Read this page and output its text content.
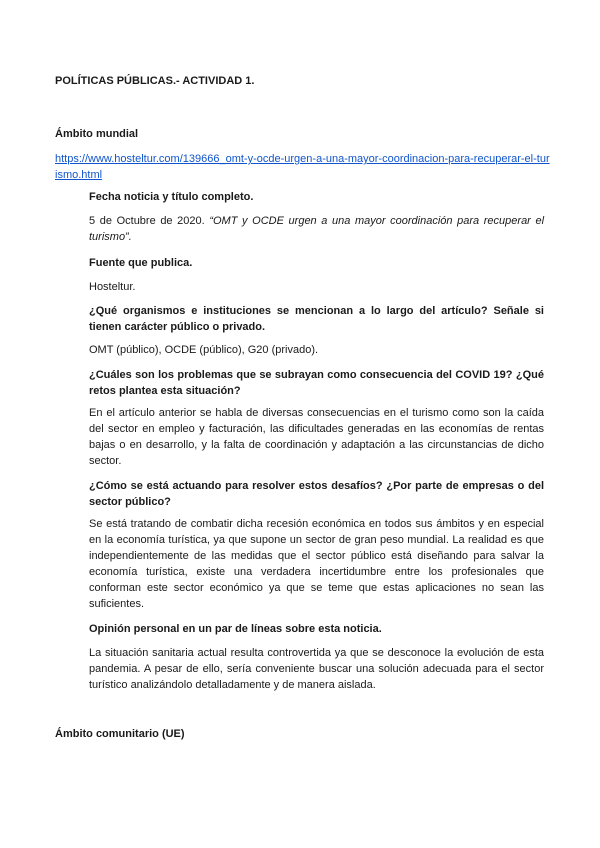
POLÍTICAS PÚBLICAS.- ACTIVIDAD 1.

Ámbito mundial

https://www.hosteltur.com/139666_omt-y-ocde-urgen-a-una-mayor-coordinacion-para-recuperar-el-turismo.html

Fecha noticia y título completo.

5 de Octubre de 2020. “OMT y OCDE urgen a una mayor coordinación para recuperar el turismo”.

Fuente que publica.

Hosteltur.

¿Qué organismos e instituciones se mencionan a lo largo del artículo? Señale si tienen carácter público o privado.

OMT (público), OCDE (público), G20 (privado).

¿Cuáles son los problemas que se subrayan como consecuencia del COVID 19? ¿Qué retos plantea esta situación?

En el artículo anterior se habla de diversas consecuencias en el turismo como son la caída del sector en empleo y facturación, las dificultades generadas en las economías de rentas bajas o en desarrollo, y la falta de coordinación y adaptación a las circunstancias de dicho sector.

¿Cómo se está actuando para resolver estos desafíos? ¿Por parte de empresas o del sector público?

Se está tratando de combatir dicha recesión económica en todos sus ámbitos y en especial en la economía turística, ya que supone un sector de gran peso mundial. La realidad es que independientemente de las medidas que el sector público está diseñando para salvar la economía turística, existe una verdadera incertidumbre entre los profesionales que conforman este sector económico ya que se teme que estas aplicaciones no sean las suficientes.

Opinión personal en un par de líneas sobre esta noticia.

La situación sanitaria actual resulta controvertida ya que se desconoce la evolución de esta pandemia. A pesar de ello, sería conveniente buscar una solución adecuada para el sector turístico analizándolo detalladamente y de manera aislada.

Ámbito comunitario (UE)
